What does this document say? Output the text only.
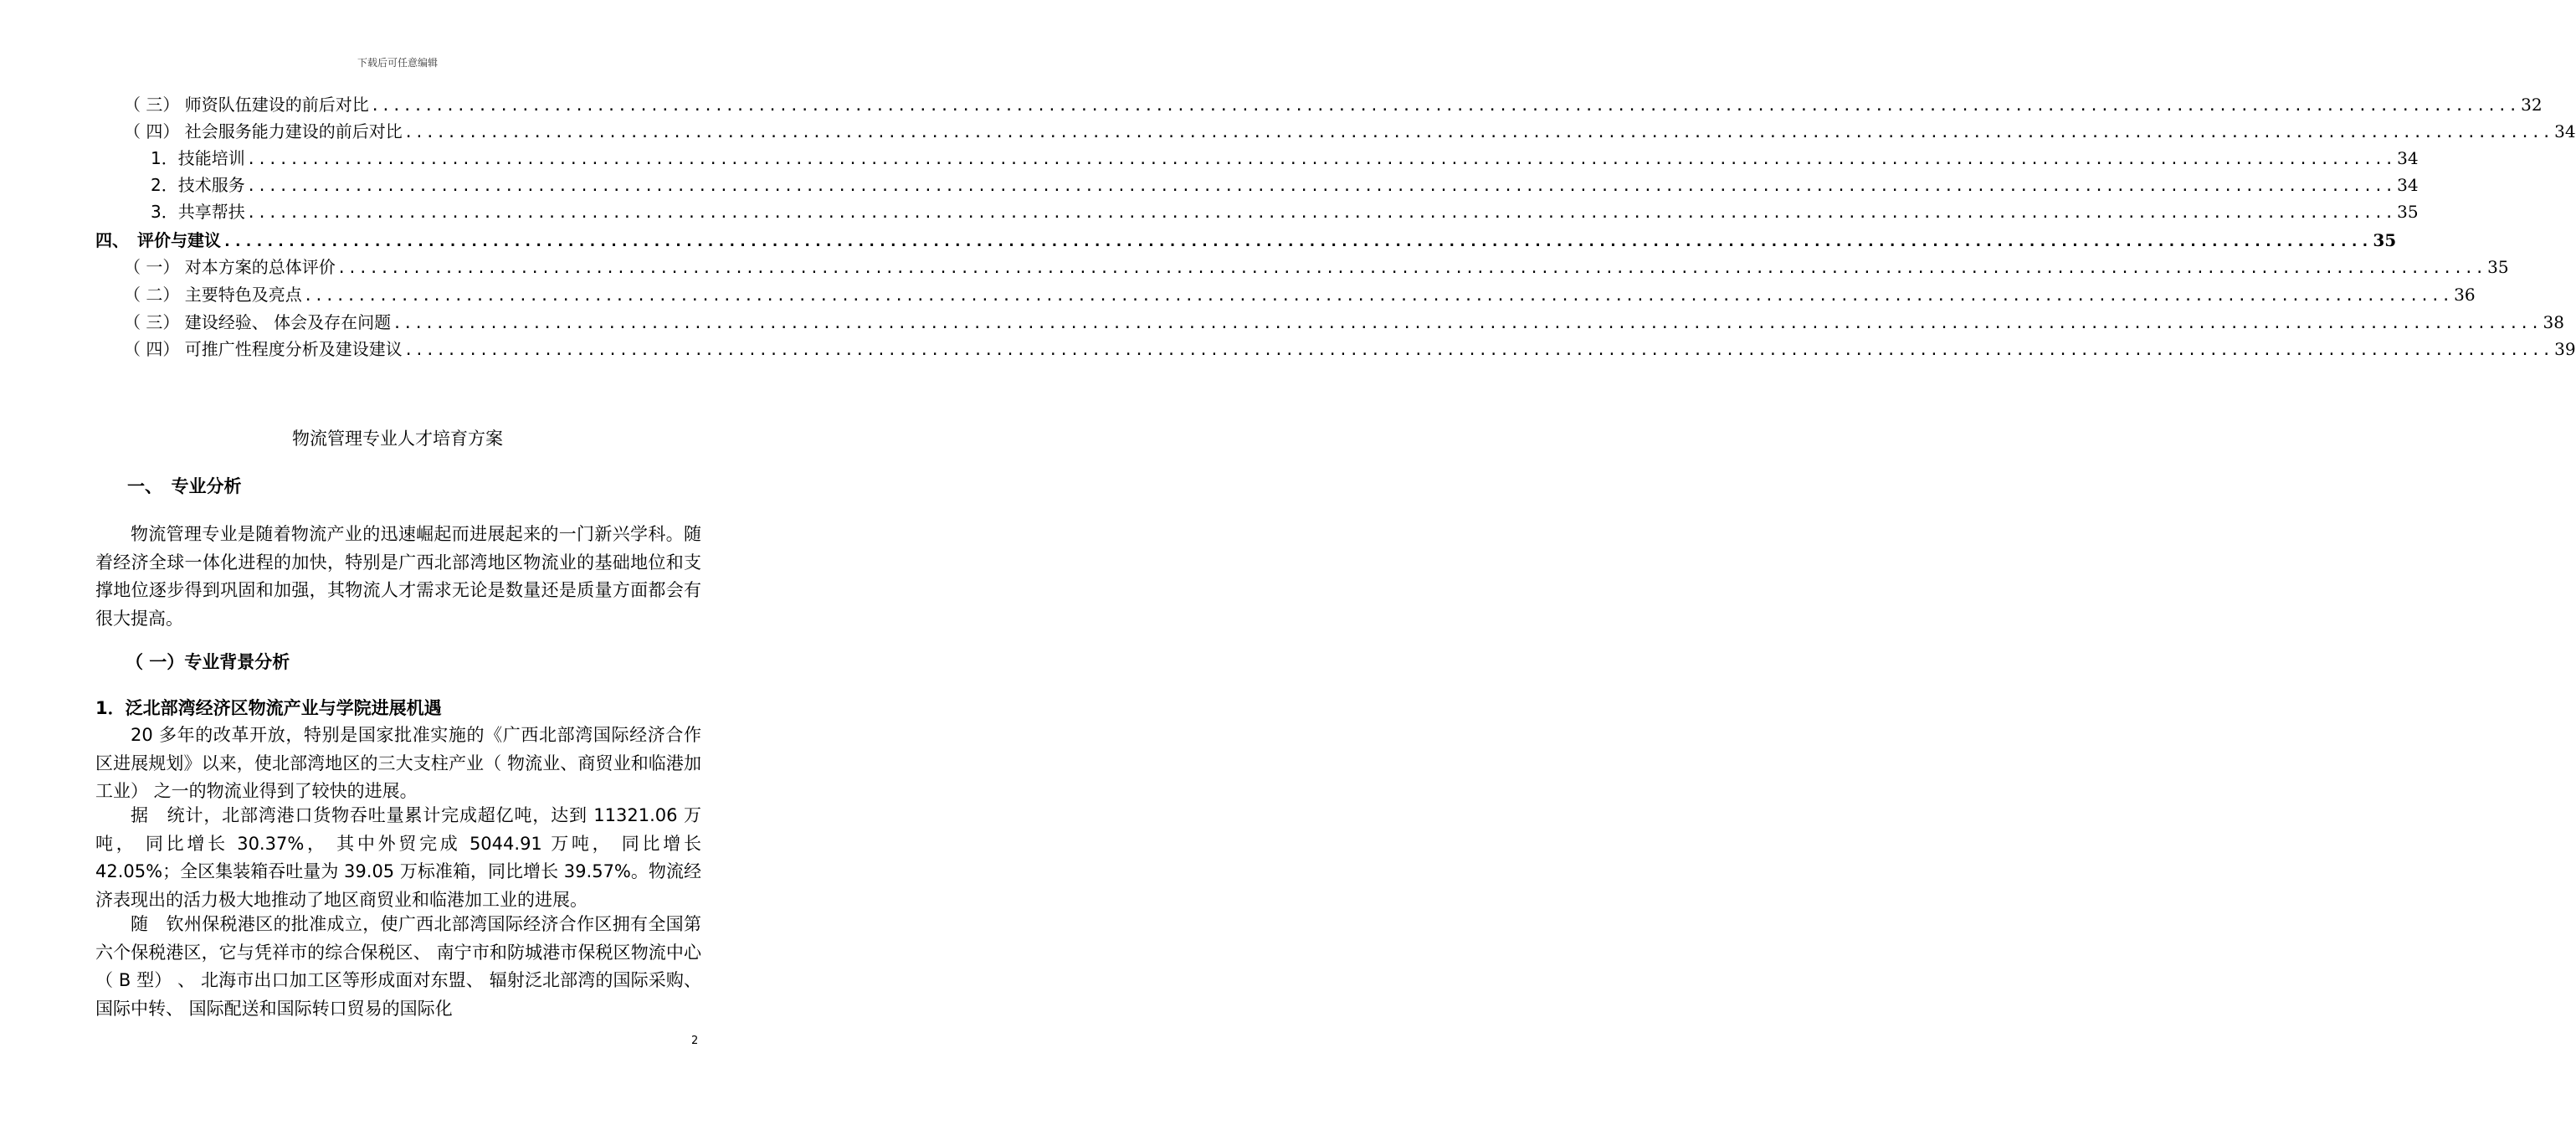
下载后可任意编辑
（ 三） 师资队伍建设的前后对比 ........................................................................................................................................................................................................ 32
（ 四） 社会服务能力建设的前后对比 ........................................................................................................................................................................................................ 34
1．技能培训 ........................................................................................................................................................................................................ 34
2．技术服务 ........................................................................................................................................................................................................ 34
3．共享帮扶 ........................................................................................................................................................................................................ 35
四、　评价与建议 ........................................................................................................................................................................................................ 35
（ 一） 对本方案的总体评价 ........................................................................................................................................................................................................ 35
（ 二） 主要特色及亮点 ........................................................................................................................................................................................................ 36
（ 三） 建设经验、 体会及存在问题 ........................................................................................................................................................................................................ 38
（ 四） 可推广性程度分析及建设建议 ........................................................................................................................................................................................................ 39
物流管理专业人才培育方案
一、　专业分析
物流管理专业是随着物流产业的迅速崛起而进展起来的一门新兴学科。随着经济全球一体化进程的加快，特别是广西北部湾地区物流业的基础地位和支撑地位逐步得到巩固和加强，其物流人才需求无论是数量还是质量方面都会有很大提高。
（ 一）专业背景分析
1．泛北部湾经济区物流产业与学院进展机遇
20 多年的改革开放，特别是国家批准实施的《广西北部湾国际经济合作区进展规划》以来，使北部湾地区的三大支柱产业（ 物流业、商贸业和临港加工业） 之一的物流业得到了较快的进展。
据　统计，北部湾港口货物吞吐量累计完成超亿吨，达到 11321.06 万吨， 同比增长 30.37%， 其中外贸完成 5044.91 万吨， 同比增长42.05%；全区集装箱吞吐量为 39.05 万标准箱，同比增长 39.57%。物流经济表现出的活力极大地推动了地区商贸业和临港加工业的进展。
随　钦州保税港区的批准成立，使广西北部湾国际经济合作区拥有全国第六个保税港区，它与凭祥市的综合保税区、 南宁市和防城港市保税区物流中心（ B 型） 、 北海市出口加工区等形成面对东盟、 辐射泛北部湾的国际采购、 国际中转、 国际配送和国际转口贸易的国际化
2
